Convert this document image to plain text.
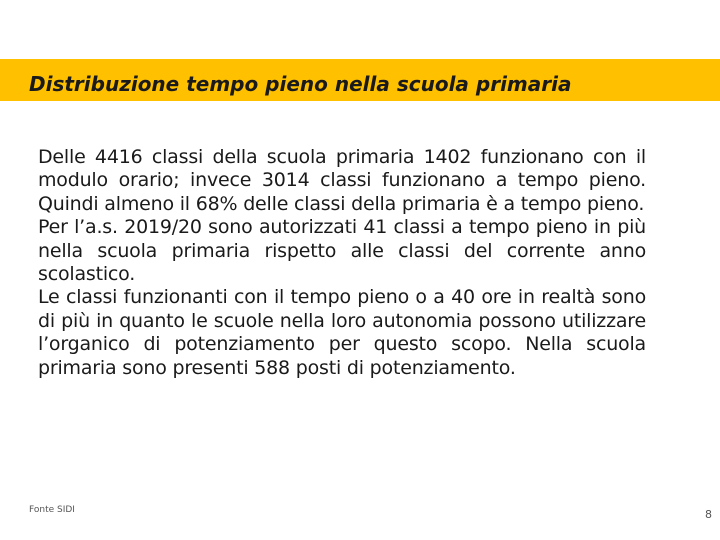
Distribuzione tempo pieno nella scuola primaria

Delle 4416 classi della scuola primaria 1402 funzionano con il modulo orario; invece 3014 classi funzionano a tempo pieno. Quindi almeno il 68% delle classi della primaria è a tempo pieno.

Per l’a.s. 2019/20 sono autorizzati 41 classi a tempo pieno in più nella scuola primaria rispetto alle classi del corrente anno scolastico.

Le classi funzionanti con il tempo pieno o a 40 ore in realtà sono di più in quanto le scuole nella loro autonomia possono utilizzare l’organico di potenziamento per questo scopo. Nella scuola primaria sono presenti 588 posti di potenziamento.

Fonte SIDI	8
